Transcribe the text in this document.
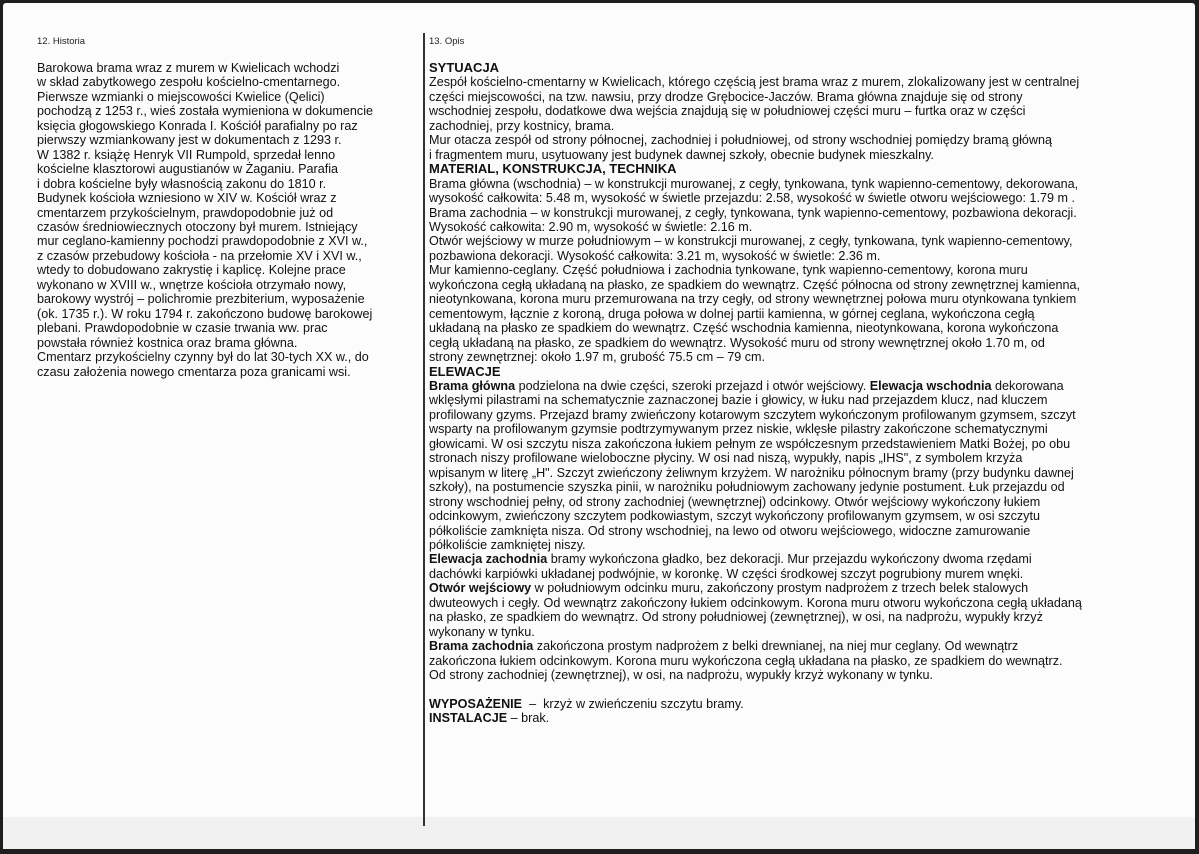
12. Historia
Barokowa brama wraz z murem w Kwielicach wchodzi
w skład zabytkowego zespołu kościelno-cmentarnego.
Pierwsze wzmianki o miejscowości Kwielice (Qelici)
pochodzą z 1253 r., wieś została wymieniona w dokumencie
księcia głogowskiego Konrada I. Kościół parafialny po raz
pierwszy wzmiankowany jest w dokumentach z 1293 r.
W 1382 r. książę Henryk VII Rumpold, sprzedał lenno
kościelne klasztorowi augustianów w Żaganiu. Parafia
i dobra kościelne były własnością zakonu do 1810 r.
Budynek kościoła wzniesiono w XIV w. Kościół wraz z
cmentarzem przykościelnym, prawdopodobnie już od
czasów średniowiecznych otoczony był murem. Istniejący
mur ceglano-kamienny pochodzi prawdopodobnie z XVI w.,
z czasów przebudowy kościoła - na przełomie XV i XVI w.,
wtedy to dobudowano zakrystię i kaplicę. Kolejne prace
wykonano w XVIII w., wnętrze kościoła otrzymało nowy,
barokowy wystrój – polichromie prezbiterium, wyposażenie
(ok. 1735 r.). W roku 1794 r. zakończono budowę barokowej
plebani. Prawdopodobnie w czasie trwania ww. prac
powstała również kostnica oraz brama główna.
Cmentarz przykościelny czynny był do lat 30-tych XX w., do
czasu założenia nowego cmentarza poza granicami wsi.
13. Opis
SYTUACJA
Zespół kościelno-cmentarny w Kwielicach, którego częścią jest brama wraz z murem, zlokalizowany jest w centralnej
części miejscowości, na tzw. nawsiu, przy drodze Grębocice-Jaczów. Brama główna znajduje się od strony
wschodniej zespołu, dodatkowe dwa wejścia znajdują się w południowej części muru – furtka oraz w części
zachodniej, przy kostnicy, brama.
Mur otacza zespół od strony północnej, zachodniej i południowej, od strony wschodniej pomiędzy bramą główną
i fragmentem muru, usytuowany jest budynek dawnej szkoły, obecnie budynek mieszkalny.
MATERIAL, KONSTRUKCJA, TECHNIKA
Brama główna (wschodnia) – w konstrukcji murowanej, z cegły, tynkowana, tynk wapienno-cementowy, dekorowana,
wysokość całkowita: 5.48 m, wysokość w świetle przejazdu: 2.58, wysokość w świetle otworu wejściowego: 1.79 m .
Brama zachodnia – w konstrukcji murowanej, z cegły, tynkowana, tynk wapienno-cementowy, pozbawiona dekoracji.
Wysokość całkowita: 2.90 m, wysokość w świetle: 2.16 m.
Otwór wejściowy w murze południowym – w konstrukcji murowanej, z cegły, tynkowana, tynk wapienno-cementowy,
pozbawiona dekoracji. Wysokość całkowita: 3.21 m, wysokość w świetle: 2.36 m.
Mur kamienno-ceglany. Część południowa i zachodnia tynkowane, tynk wapienno-cementowy, korona muru
wykończona cegłą układaną na płasko, ze spadkiem do wewnątrz. Część północna od strony zewnętrznej kamienna,
nieotynkowana, korona muru przemurowana na trzy cegły, od strony wewnętrznej połowa muru otynkowana tynkiem
cementowym, łącznie z koroną, druga połowa w dolnej partii kamienna, w górnej ceglana, wykończona cegłą
układaną na płasko ze spadkiem do wewnątrz. Część wschodnia kamienna, nieotynkowana, korona wykończona
cegłą układaną na płasko, ze spadkiem do wewnątrz. Wysokość muru od strony wewnętrznej około 1.70 m, od
strony zewnętrznej: około 1.97 m, grubość 75.5 cm – 79 cm.
ELEWACJE
Brama główna podzielona na dwie części, szeroki przejazd i otwór wejściowy. Elewacja wschodnia dekorowana
wklęsłymi pilastrami na schematycznie zaznaczonej bazie i głowicy, w łuku nad przejazdem klucz, nad kluczem
profilowany gzyms. Przejazd bramy zwieńczony kotarowym szczytem wykończonym profilowanym gzymsem, szczyt
wsparty na profilowanym gzymsie podtrzymywanym przez niskie, wklęsłe pilastry zakończone schematycznymi
głowicami. W osi szczytu nisza zakończona łukiem pełnym ze współczesnym przedstawieniem Matki Bożej, po obu
stronach niszy profilowane wieloboczne płyciny. W osi nad niszą, wypukły, napis „IHS", z symbolem krzyża
wpisanym w literę „H". Szczyt zwieńczony żeliwnym krzyżem. W narożniku północnym bramy (przy budynku dawnej
szkoły), na postumencie szyszka pinii, w narożniku południowym zachowany jedynie postument. Łuk przejazdu od
strony wschodniej pełny, od strony zachodniej (wewnętrznej) odcinkowy. Otwór wejściowy wykończony łukiem
odcinkowym, zwieńczony szczytem podkowiastym, szczyt wykończony profilowanym gzymsem, w osi szczytu
półkoliście zamknięta nisza. Od strony wschodniej, na lewo od otworu wejściowego, widoczne zamurowanie
półkoliście zamkniętej niszy.
Elewacja zachodnia bramy wykończona gładko, bez dekoracji. Mur przejazdu wykończony dwoma rzędami
dachówki karpiówki układanej podwójnie, w koronkę. W części środkowej szczyt pogrubiony murem wnęki.
Otwór wejściowy w południowym odcinku muru, zakończony prostym nadprożem z trzech belek stalowych
dwuteowych i cegły. Od wewnątrz zakończony łukiem odcinkowym. Korona muru otworu wykończona cegłą układaną
na płasko, ze spadkiem do wewnątrz. Od strony południowej (zewnętrznej), w osi, na nadprożu, wypukły krzyż
wykonany w tynku.
Brama zachodnia zakończona prostym nadprożem z belki drewnianej, na niej mur ceglany. Od wewnątrz
zakończona łukiem odcinkowym. Korona muru wykończona cegłą układana na płasko, ze spadkiem do wewnątrz.
Od strony zachodniej (zewnętrznej), w osi, na nadprożu, wypukły krzyż wykonany w tynku.
WYPOSAŻENIE  –  krzyż w zwieńczeniu szczytu bramy.
INSTALACJE – brak.
